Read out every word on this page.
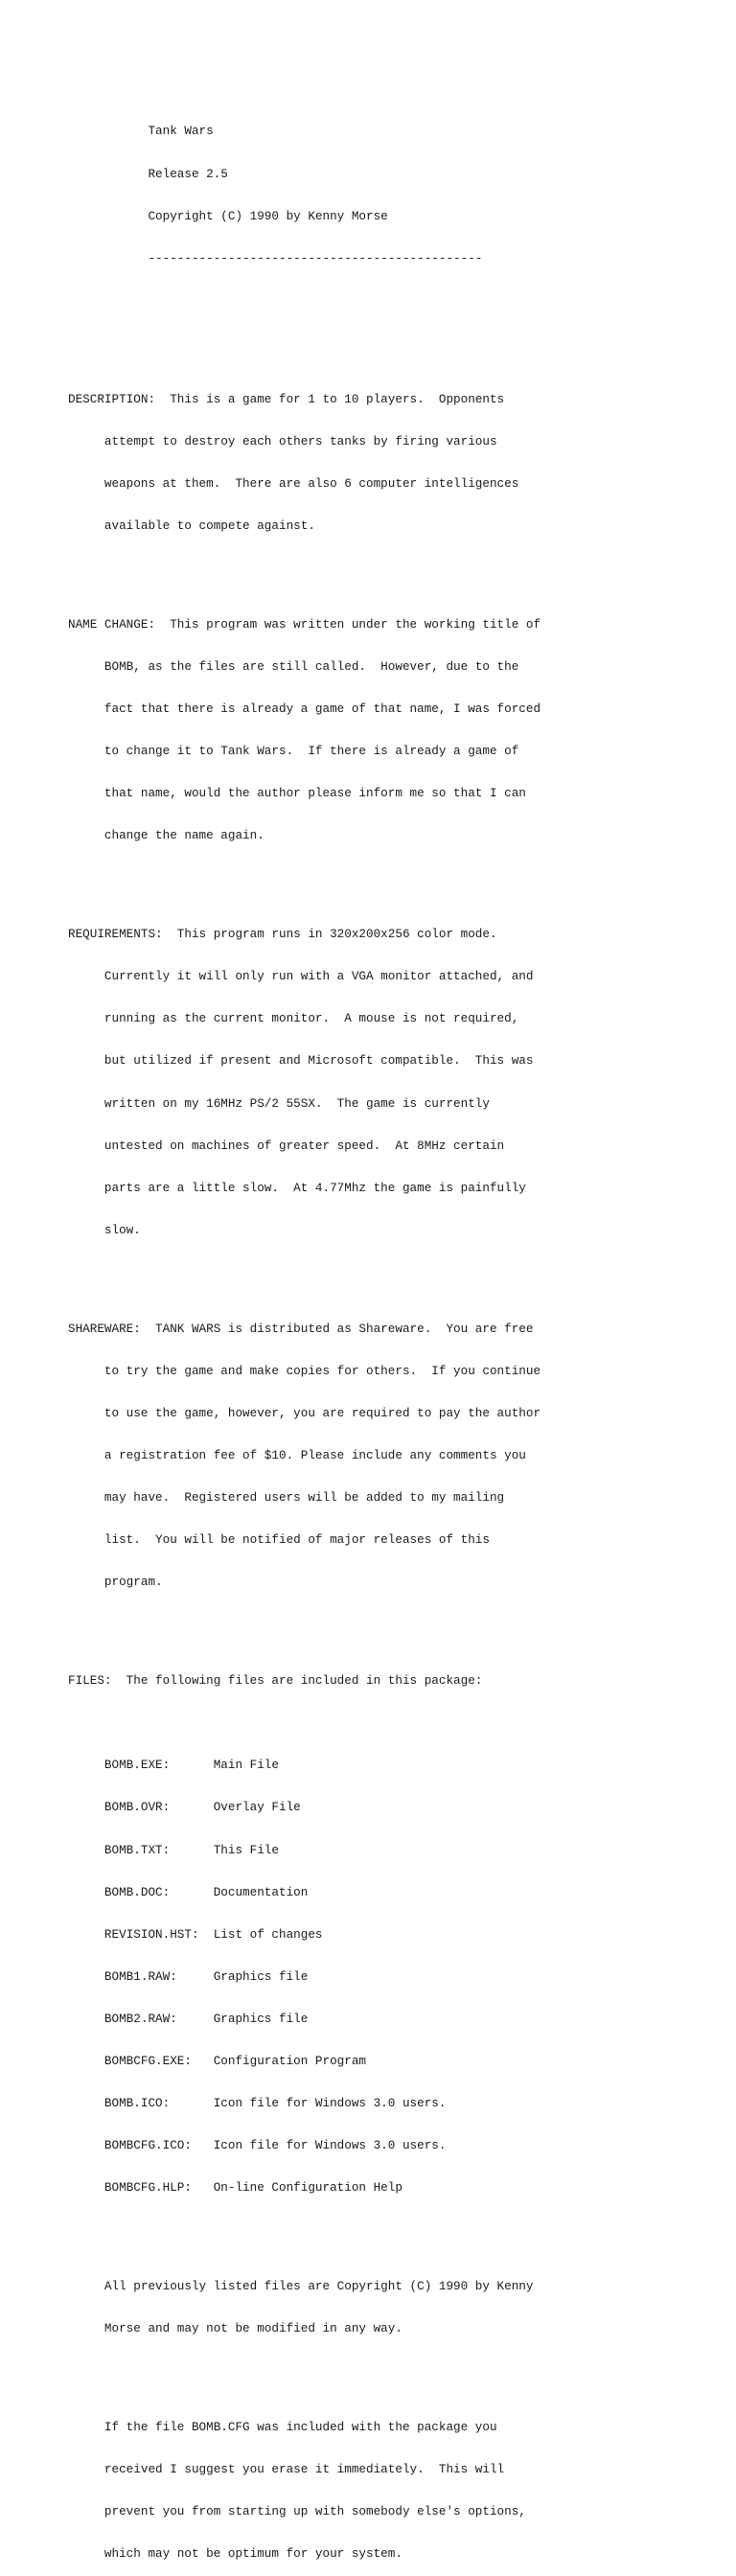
Tank Wars

Release 2.5

Copyright (C) 1990 by Kenny Morse

----------------------------------------------

DESCRIPTION:  This is a game for 1 to 10 players.  Opponents

attempt to destroy each others tanks by firing various

weapons at them.  There are also 6 computer intelligences

available to compete against.

NAME CHANGE:  This program was written under the working title of

BOMB, as the files are still called.  However, due to the

fact that there is already a game of that name, I was forced

to change it to Tank Wars.  If there is already a game of

that name, would the author please inform me so that I can

change the name again.

REQUIREMENTS:  This program runs in 320x200x256 color mode.

Currently it will only run with a VGA monitor attached, and

running as the current monitor.  A mouse is not required,

but utilized if present and Microsoft compatible.  This was

written on my 16MHz PS/2 55SX.  The game is currently

untested on machines of greater speed.  At 8MHz certain

parts are a little slow.  At 4.77Mhz the game is painfully

slow.

SHAREWARE:  TANK WARS is distributed as Shareware.  You are free

to try the game and make copies for others.  If you continue

to use the game, however, you are required to pay the author

a registration fee of $10. Please include any comments you

may have.  Registered users will be added to my mailing

list.  You will be notified of major releases of this

program.

FILES:  The following files are included in this package:

BOMB.EXE:      Main File

BOMB.OVR:      Overlay File

BOMB.TXT:      This File

BOMB.DOC:      Documentation

REVISION.HST:  List of changes

BOMB1.RAW:     Graphics file

BOMB2.RAW:     Graphics file

BOMBCFG.EXE:   Configuration Program

BOMB.ICO:      Icon file for Windows 3.0 users.

BOMBCFG.ICO:   Icon file for Windows 3.0 users.

BOMBCFG.HLP:   On-line Configuration Help

All previously listed files are Copyright (C) 1990 by Kenny

Morse and may not be modified in any way.

If the file BOMB.CFG was included with the package you

received I suggest you erase it immediately.  This will

prevent you from starting up with somebody else's options,

which may not be optimum for your system.
